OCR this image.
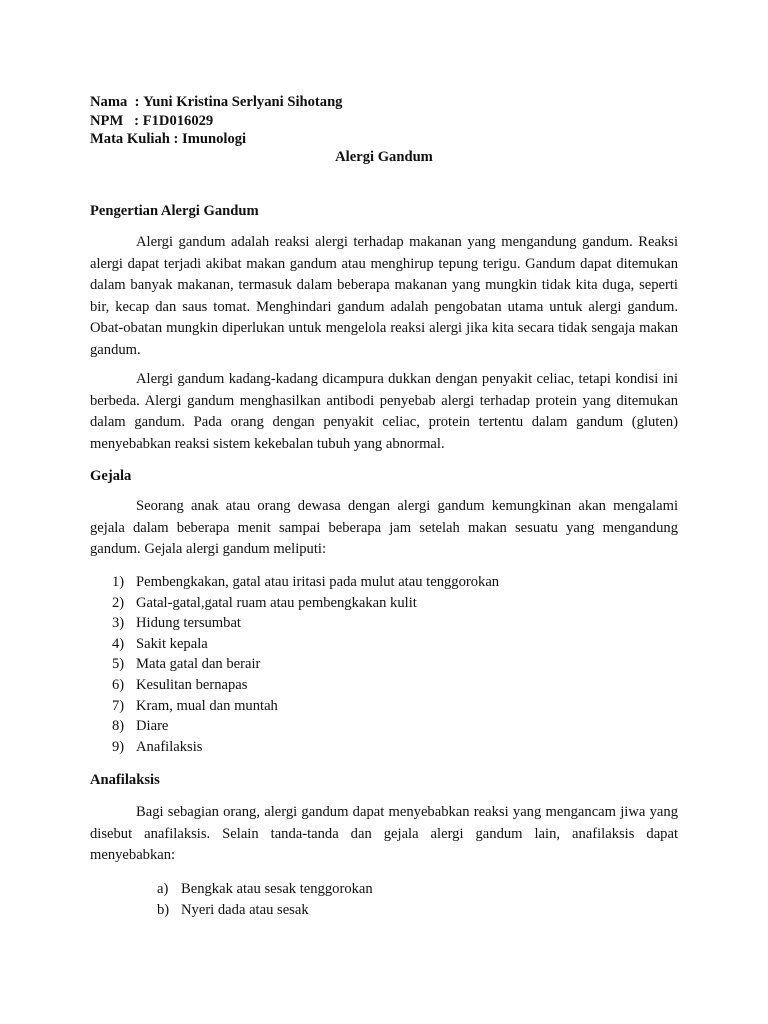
Nama  : Yuni Kristina Serlyani Sihotang
NPM   : F1D016029
Mata Kuliah : Imunologi
Alergi Gandum
Pengertian Alergi Gandum
Alergi gandum adalah reaksi alergi terhadap makanan yang mengandung gandum. Reaksi alergi dapat terjadi akibat makan gandum atau menghirup tepung terigu. Gandum dapat ditemukan dalam banyak makanan, termasuk dalam beberapa makanan yang mungkin tidak kita duga, seperti bir, kecap dan saus tomat. Menghindari gandum adalah pengobatan utama untuk alergi gandum. Obat-obatan mungkin diperlukan untuk mengelola reaksi alergi jika kita secara tidak sengaja makan gandum.
Alergi gandum kadang-kadang dicampura dukkan dengan penyakit celiac, tetapi kondisi ini berbeda. Alergi gandum menghasilkan antibodi penyebab alergi terhadap protein yang ditemukan dalam gandum. Pada orang dengan penyakit celiac, protein tertentu dalam gandum (gluten) menyebabkan reaksi sistem kekebalan tubuh yang abnormal.
Gejala
Seorang anak atau orang dewasa dengan alergi gandum kemungkinan akan mengalami gejala dalam beberapa menit sampai beberapa jam setelah makan sesuatu yang mengandung gandum. Gejala alergi gandum meliputi:
1) Pembengkakan, gatal atau iritasi pada mulut atau tenggorokan
2) Gatal-gatal,gatal ruam atau pembengkakan kulit
3) Hidung tersumbat
4) Sakit kepala
5) Mata gatal dan berair
6) Kesulitan bernapas
7) Kram, mual dan muntah
8) Diare
9) Anafilaksis
Anafilaksis
Bagi sebagian orang, alergi gandum dapat menyebabkan reaksi yang mengancam jiwa yang disebut anafilaksis. Selain tanda-tanda dan gejala alergi gandum lain, anafilaksis dapat menyebabkan:
a) Bengkak atau sesak tenggorokan
b) Nyeri dada atau sesak
